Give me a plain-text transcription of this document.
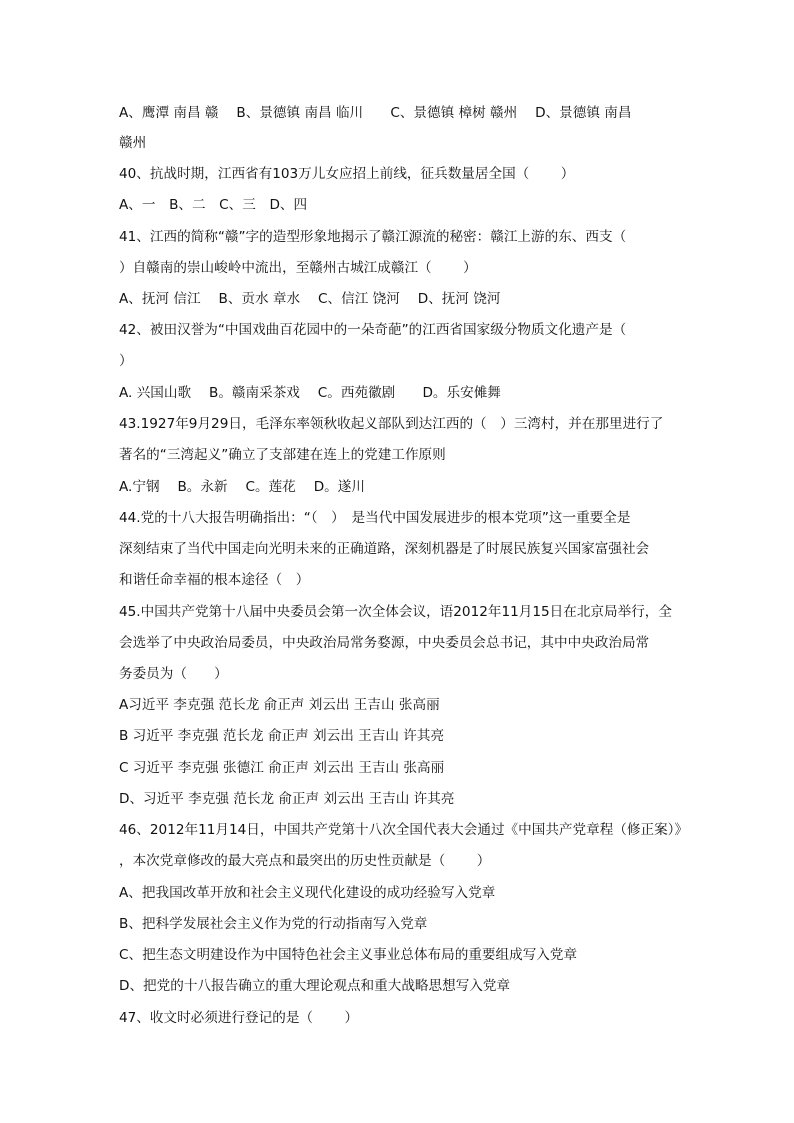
A、鹰潭 南昌 赣　 B、景德镇 南昌 临川　　C、景德镇 樟树 赣州　 D、景德镇 南昌
赣州
40、抗战时期，江西省有103万儿女应招上前线，征兵数量居全国（　　 ）
A、一　B、二　C、三　D、四
41、江西的简称“赣”字的造型形象地揭示了赣江源流的秘密：赣江上游的东、西支（
）自赣南的崇山峻岭中流出，至赣州古城江成赣江（　　 ）
A、抚河 信江　 B、贡水 章水　 C、信江 饶河　 D、抚河 饶河
42、被田汉誉为“中国戏曲百花园中的一朵奇葩”的江西省国家级分物质文化遗产是（
）
A. 兴国山歌　 B。赣南采茶戏　 C。西苑徽剧　　D。乐安傩舞
43.1927年9月29日，毛泽东率领秋收起义部队到达江西的（　）三湾村，并在那里进行了
著名的“三湾起义”确立了支部建在连上的党建工作原则
A.宁钢　 B。永新　 C。莲花　 D。遂川
44.党的十八大报告明确指出：“（　）　是当代中国发展进步的根本党项”这一重要全是
深刻结束了当代中国走向光明未来的正确道路，深刻机器是了时展民族复兴国家富强社会
和谐任命幸福的根本途径（　）
45.中国共产党第十八届中央委员会第一次全体会议，语2012年11月15日在北京局举行，全
会选举了中央政治局委员，中央政治局常务婺源，中央委员会总书记，其中中央政治局常
务委员为（　　）
A习近平 李克强 范长龙 俞正声 刘云出 王吉山 张高丽
B 习近平 李克强 范长龙 俞正声 刘云出 王吉山 许其亮
C 习近平 李克强 张德江 俞正声 刘云出 王吉山 张高丽
D、习近平 李克强 范长龙 俞正声 刘云出 王吉山 许其亮
46、2012年11月14日，中国共产党第十八次全国代表大会通过《中国共产党章程（修正案）》
，本次党章修改的最大亮点和最突出的历史性贡献是（　　 ）
A、把我国改革开放和社会主义现代化建设的成功经验写入党章
B、把科学发展社会主义作为党的行动指南写入党章
C、把生态文明建设作为中国特色社会主义事业总体布局的重要组成写入党章
D、把党的十八报告确立的重大理论观点和重大战略思想写入党章
47、收文时必须进行登记的是（　　 ）
